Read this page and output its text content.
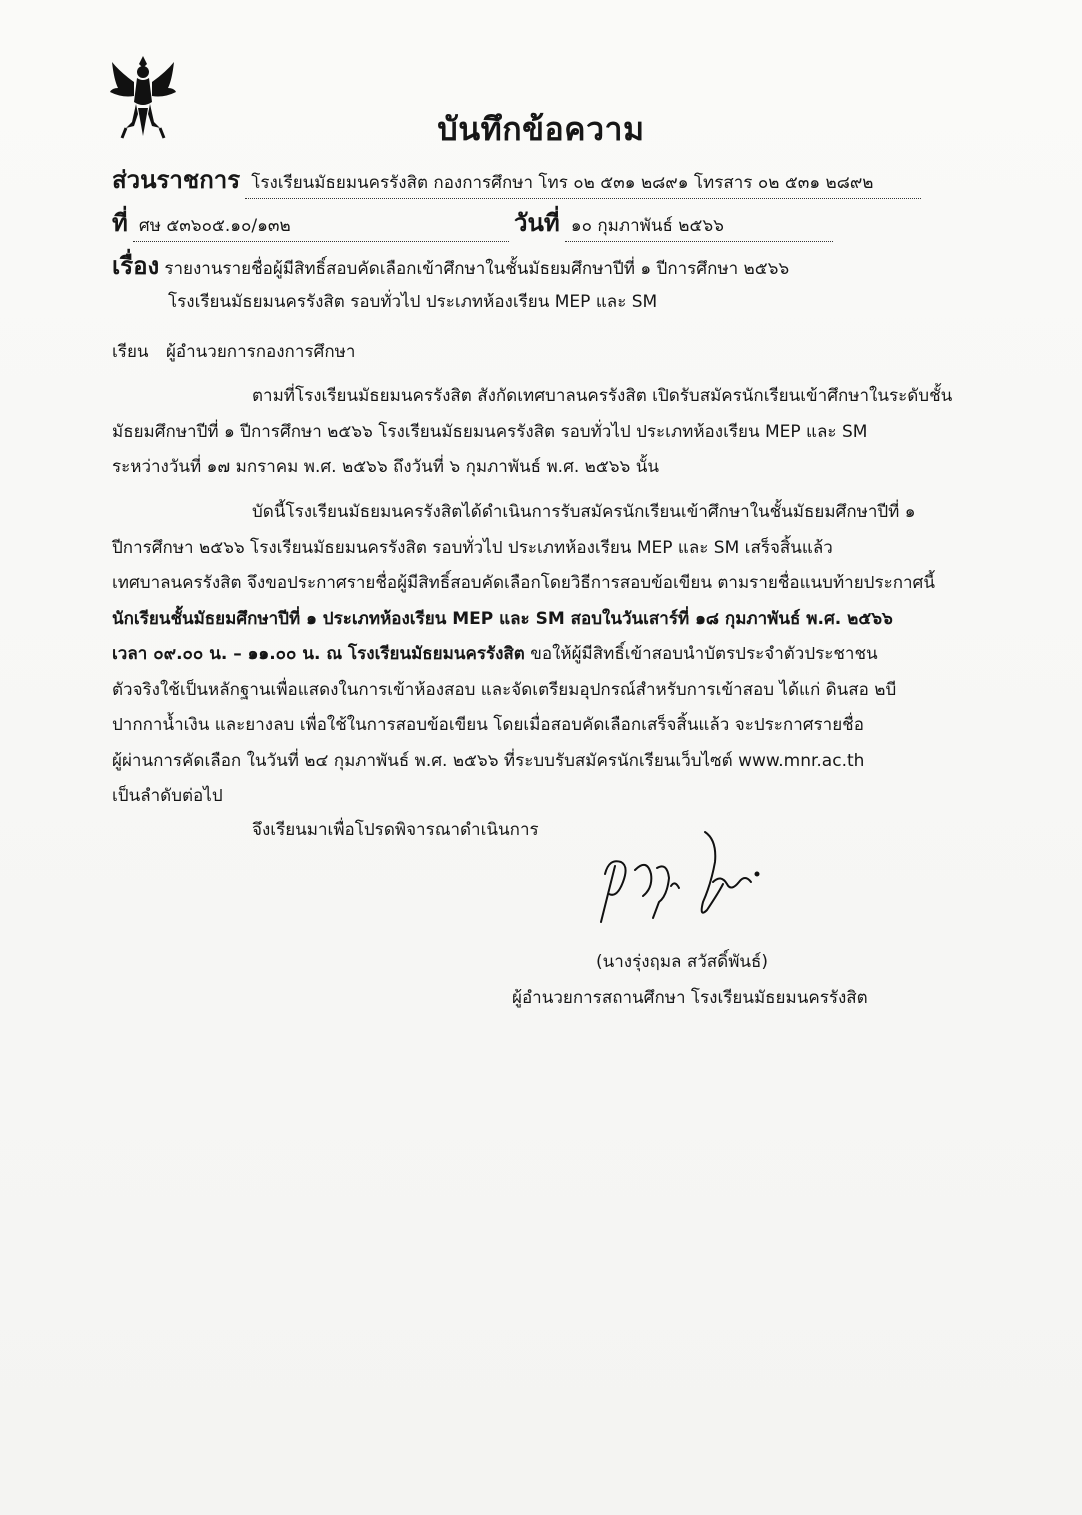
บันทึกข้อความ
ส่วนราชการ โรงเรียนมัธยมนครรังสิต กองการศึกษา โทร ๐๒ ๕๓๑ ๒๘๙๑ โทรสาร ๐๒ ๕๓๑ ๒๘๙๒
ที่ ศษ ๕๓๖๐๕.๑๐/๑๓๒	วันที่ ๑๐ กุมภาพันธ์ ๒๕๖๖
เรื่อง รายงานรายชื่อผู้มีสิทธิ์สอบคัดเลือกเข้าศึกษาในชั้นมัธยมศึกษาปีที่ ๑ ปีการศึกษา ๒๕๖๖
โรงเรียนมัธยมนครรังสิต รอบทั่วไป ประเภทห้องเรียน MEP และ SM
เรียน ผู้อำนวยการกองการศึกษา
ตามที่โรงเรียนมัธยมนครรังสิต สังกัดเทศบาลนครรังสิต เปิดรับสมัครนักเรียนเข้าศึกษาในระดับชั้น
มัธยมศึกษาปีที่ ๑ ปีการศึกษา ๒๕๖๖ โรงเรียนมัธยมนครรังสิต รอบทั่วไป ประเภทห้องเรียน MEP และ SM
ระหว่างวันที่ ๑๗ มกราคม พ.ศ. ๒๕๖๖ ถึงวันที่ ๖ กุมภาพันธ์ พ.ศ. ๒๕๖๖ นั้น
บัดนี้โรงเรียนมัธยมนครรังสิตได้ดำเนินการรับสมัครนักเรียนเข้าศึกษาในชั้นมัธยมศึกษาปีที่ ๑
ปีการศึกษา ๒๕๖๖ โรงเรียนมัธยมนครรังสิต รอบทั่วไป ประเภทห้องเรียน MEP และ SM เสร็จสิ้นแล้ว
เทศบาลนครรังสิต จึงขอประกาศรายชื่อผู้มีสิทธิ์สอบคัดเลือกโดยวิธีการสอบข้อเขียน ตามรายชื่อแนบท้ายประกาศนี้
นักเรียนชั้นมัธยมศึกษาปีที่ ๑ ประเภทห้องเรียน MEP และ SM สอบในวันเสาร์ที่ ๑๘ กุมภาพันธ์ พ.ศ. ๒๕๖๖
เวลา ๐๙.๐๐ น. – ๑๑.๐๐ น. ณ โรงเรียนมัธยมนครรังสิต ขอให้ผู้มีสิทธิ์เข้าสอบนำบัตรประจำตัวประชาชน
ตัวจริงใช้เป็นหลักฐานเพื่อแสดงในการเข้าห้องสอบ และจัดเตรียมอุปกรณ์สำหรับการเข้าสอบ ได้แก่ ดินสอ ๒บี
ปากกาน้ำเงิน และยางลบ เพื่อใช้ในการสอบข้อเขียน โดยเมื่อสอบคัดเลือกเสร็จสิ้นแล้ว จะประกาศรายชื่อ
ผู้ผ่านการคัดเลือก ในวันที่ ๒๔ กุมภาพันธ์ พ.ศ. ๒๕๖๖ ที่ระบบรับสมัครนักเรียนเว็บไซต์ www.mnr.ac.th
เป็นลำดับต่อไป
จึงเรียนมาเพื่อโปรดพิจารณาดำเนินการ
(นางรุ่งฤมล สวัสดิ์พันธ์)
ผู้อำนวยการสถานศึกษา โรงเรียนมัธยมนครรังสิต
